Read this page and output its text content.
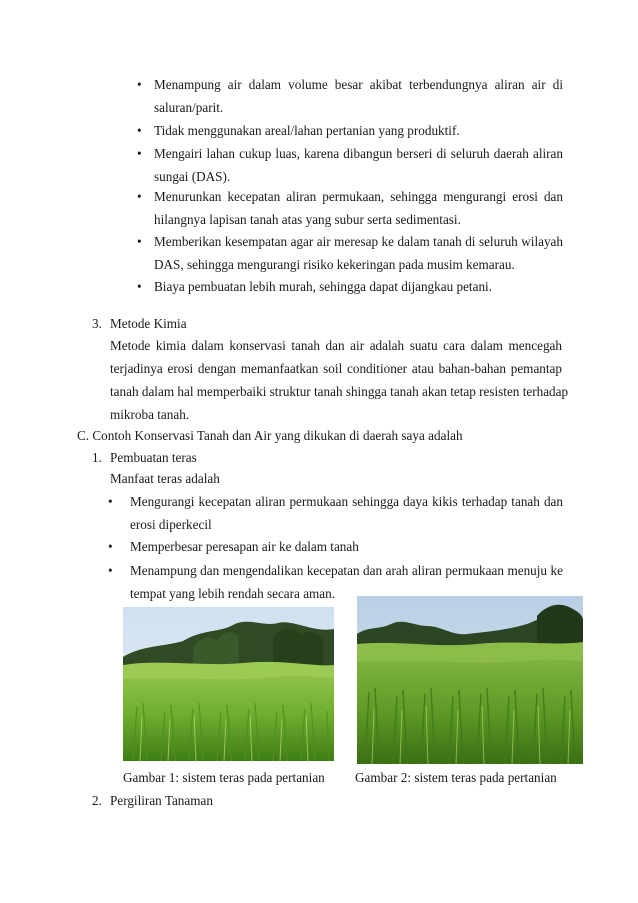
• Menampung air dalam volume besar akibat terbendungnya aliran air di
saluran/parit.
• Tidak menggunakan areal/lahan pertanian yang produktif.
• Mengairi lahan cukup luas, karena dibangun berseri di seluruh daerah aliran
sungai (DAS).
• Menurunkan kecepatan aliran permukaan, sehingga mengurangi erosi dan
hilangnya lapisan tanah atas yang subur serta sedimentasi.
• Memberikan kesempatan agar air meresap ke dalam tanah di seluruh wilayah
DAS, sehingga mengurangi risiko kekeringan pada musim kemarau.
• Biaya pembuatan lebih murah, sehingga dapat dijangkau petani.
3. Metode Kimia
Metode kimia dalam konservasi tanah dan air adalah suatu cara dalam mencegah
terjadinya erosi dengan memanfaatkan soil conditioner atau bahan-bahan pemantap
tanah dalam hal memperbaiki struktur tanah shingga tanah akan tetap resisten terhadap
mikroba tanah.
C. Contoh Konservasi Tanah dan Air yang dikukan di daerah saya adalah
1. Pembuatan teras
Manfaat teras adalah
• Mengurangi kecepatan aliran permukaan sehingga daya kikis terhadap tanah dan
erosi diperkecil
• Memperbesar peresapan air ke dalam tanah
• Menampung dan mengendalikan kecepatan dan arah aliran permukaan menuju ke
tempat yang lebih rendah secara aman.
Gambar 1: sistem teras pada pertanian Gambar 2: sistem teras pada pertanian
2. Pergiliran Tanaman
